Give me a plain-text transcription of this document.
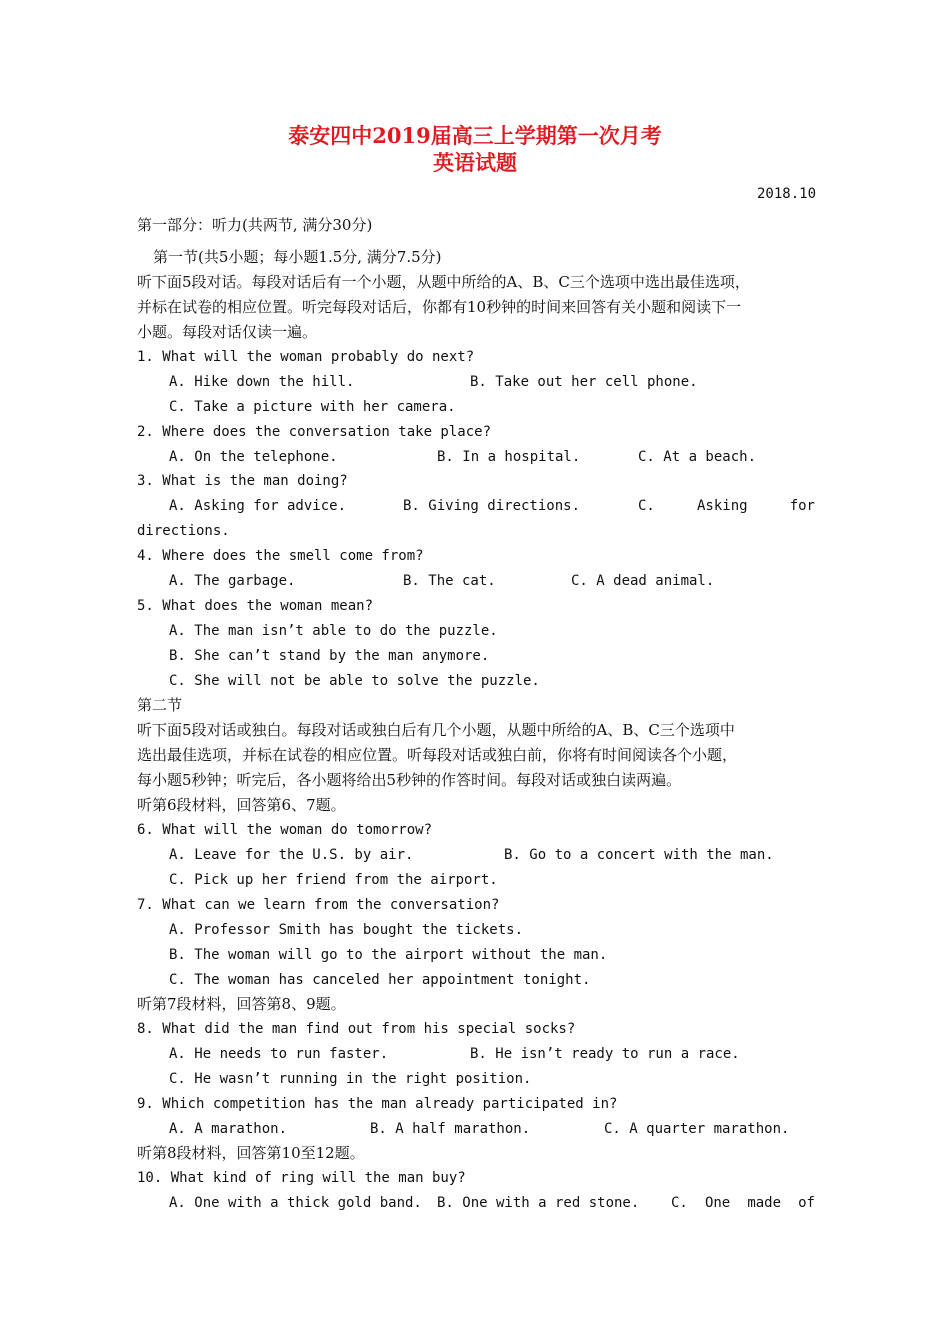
泰安四中2019届高三上学期第一次月考
英语试题
2018.10
第一部分：听力(共两节, 满分30分)
第一节(共5小题；每小题1.5分, 满分7.5分)
听下面5段对话。每段对话后有一个小题，从题中所给的A、B、C三个选项中选出最佳选项，
并标在试卷的相应位置。听完每段对话后，你都有10秒钟的时间来回答有关小题和阅读下一
小题。每段对话仅读一遍。
1. What will the woman probably do next?
A. Hike down the hill.	B. Take out her cell phone.
C. Take a picture with her camera.
2. Where does the conversation take place?
A. On the telephone.	B. In a hospital.	C. At a beach.
3. What is the man doing?
A. Asking for advice.	B. Giving directions.	C.	Asking	for
directions.
4. Where does the smell come from?
A. The garbage.	B. The cat.	C. A dead animal.
5. What does the woman mean?
A. The man isn’t able to do the puzzle.
B. She can’t stand by the man anymore.
C. She will not be able to solve the puzzle.
第二节
听下面5段对话或独白。每段对话或独白后有几个小题，从题中所给的A、B、C三个选项中
选出最佳选项，并标在试卷的相应位置。听每段对话或独白前，你将有时间阅读各个小题，
每小题5秒钟；听完后，各小题将给出5秒钟的作答时间。每段对话或独白读两遍。
听第6段材料，回答第6、7题。
6. What will the woman do tomorrow?
A. Leave for the U.S. by air.	B. Go to a concert with the man.
C. Pick up her friend from the airport.
7. What can we learn from the conversation?
A. Professor Smith has bought the tickets.
B. The woman will go to the airport without the man.
C. The woman has canceled her appointment tonight.
听第7段材料，回答第8、9题。
8. What did the man find out from his special socks?
A. He needs to run faster.	B. He isn’t ready to run a race.
C. He wasn’t running in the right position.
9. Which competition has the man already participated in?
A. A marathon.	B. A half marathon.	C. A quarter marathon.
听第8段材料，回答第10至12题。
10. What kind of ring will the man buy?
A. One with a thick gold band. B. One with a red stone. C. One made of
